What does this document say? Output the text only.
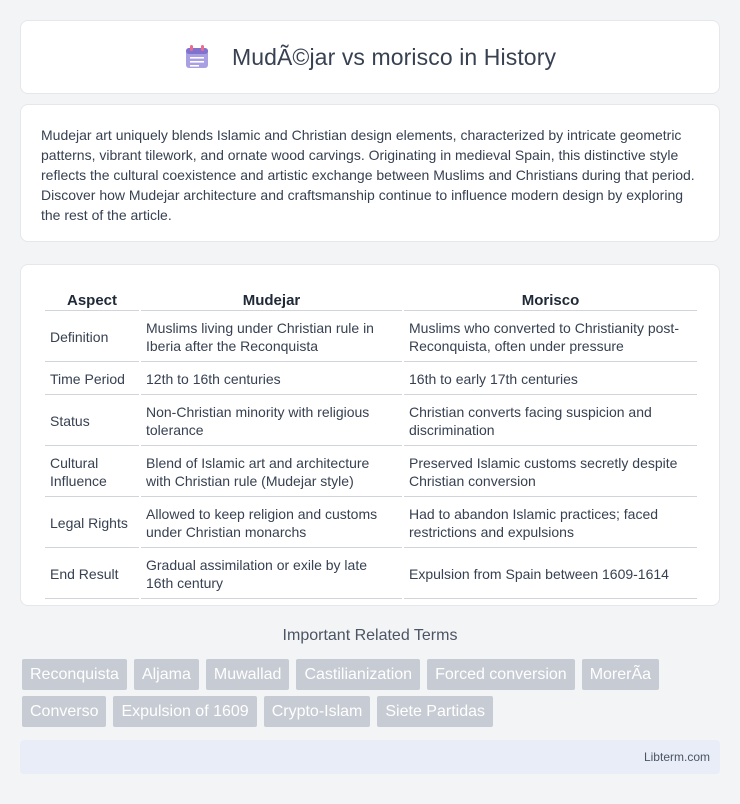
MudÃ©jar vs morisco in History

Mudejar art uniquely blends Islamic and Christian design elements, characterized by intricate geometric patterns, vibrant tilework, and ornate wood carvings. Originating in medieval Spain, this distinctive style reflects the cultural coexistence and artistic exchange between Muslims and Christians during that period. Discover how Mudejar architecture and craftsmanship continue to influence modern design by exploring the rest of the article.

Aspect	Mudejar	Morisco
Definition	Muslims living under Christian rule in Iberia after the Reconquista	Muslims who converted to Christianity post-Reconquista, often under pressure
Time Period	12th to 16th centuries	16th to early 17th centuries
Status	Non-Christian minority with religious tolerance	Christian converts facing suspicion and discrimination
Cultural Influence	Blend of Islamic art and architecture with Christian rule (Mudejar style)	Preserved Islamic customs secretly despite Christian conversion
Legal Rights	Allowed to keep religion and customs under Christian monarchs	Had to abandon Islamic practices; faced restrictions and expulsions
End Result	Gradual assimilation or exile by late 16th century	Expulsion from Spain between 1609-1614
Important Related Terms
Reconquista	Aljama	Muwallad	Castilianization	Forced conversion	MorerÃa
Converso	Expulsion of 1609	Crypto-Islam	Siete Partidas
Libterm.com
